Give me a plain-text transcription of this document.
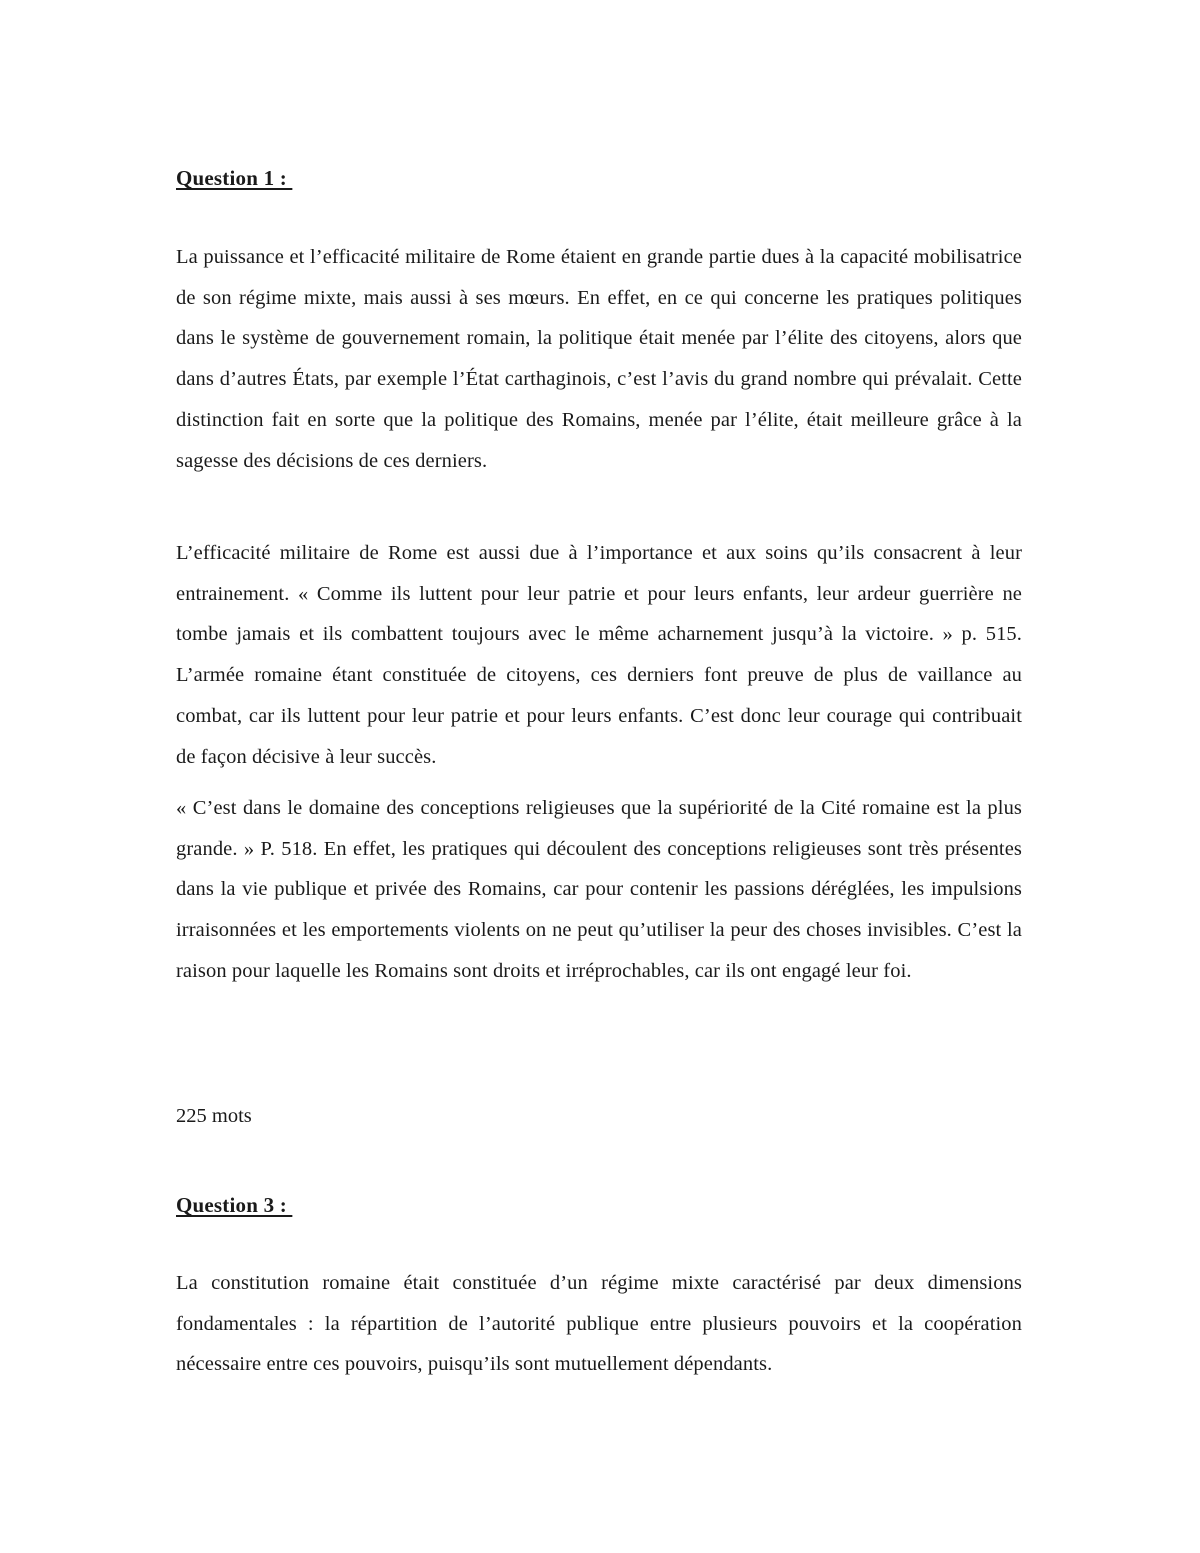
Question 1 :

La puissance et l’efficacité militaire de Rome étaient en grande partie dues à la capacité mobilisatrice de son régime mixte, mais aussi à ses mœurs. En effet, en ce qui concerne les pratiques politiques dans le système de gouvernement romain, la politique était menée par l’élite des citoyens, alors que dans d’autres États, par exemple l’État carthaginois, c’est l’avis du grand nombre qui prévalait. Cette distinction fait en sorte que la politique des Romains, menée par l’élite, était meilleure grâce à la sagesse des décisions de ces derniers.

L’efficacité militaire de Rome est aussi due à l’importance et aux soins qu’ils consacrent à leur entrainement. « Comme ils luttent pour leur patrie et pour leurs enfants, leur ardeur guerrière ne tombe jamais et ils combattent toujours avec le même acharnement jusqu’à la victoire. » p. 515. L’armée romaine étant constituée de citoyens, ces derniers font preuve de plus de vaillance au combat, car ils luttent pour leur patrie et pour leurs enfants. C’est donc leur courage qui contribuait de façon décisive à leur succès.

« C’est dans le domaine des conceptions religieuses que la supériorité de la Cité romaine est la plus grande. » P. 518. En effet, les pratiques qui découlent des conceptions religieuses sont très présentes dans la vie publique et privée des Romains, car pour contenir les passions déréglées, les impulsions irraisonnées et les emportements violents on ne peut qu’utiliser la peur des choses invisibles. C’est la raison pour laquelle les Romains sont droits et irréprochables, car ils ont engagé leur foi.

225 mots
Question 3 :

La constitution romaine était constituée d’un régime mixte caractérisé par deux dimensions fondamentales : la répartition de l’autorité publique entre plusieurs pouvoirs et la coopération nécessaire entre ces pouvoirs, puisqu’ils sont mutuellement dépendants.
